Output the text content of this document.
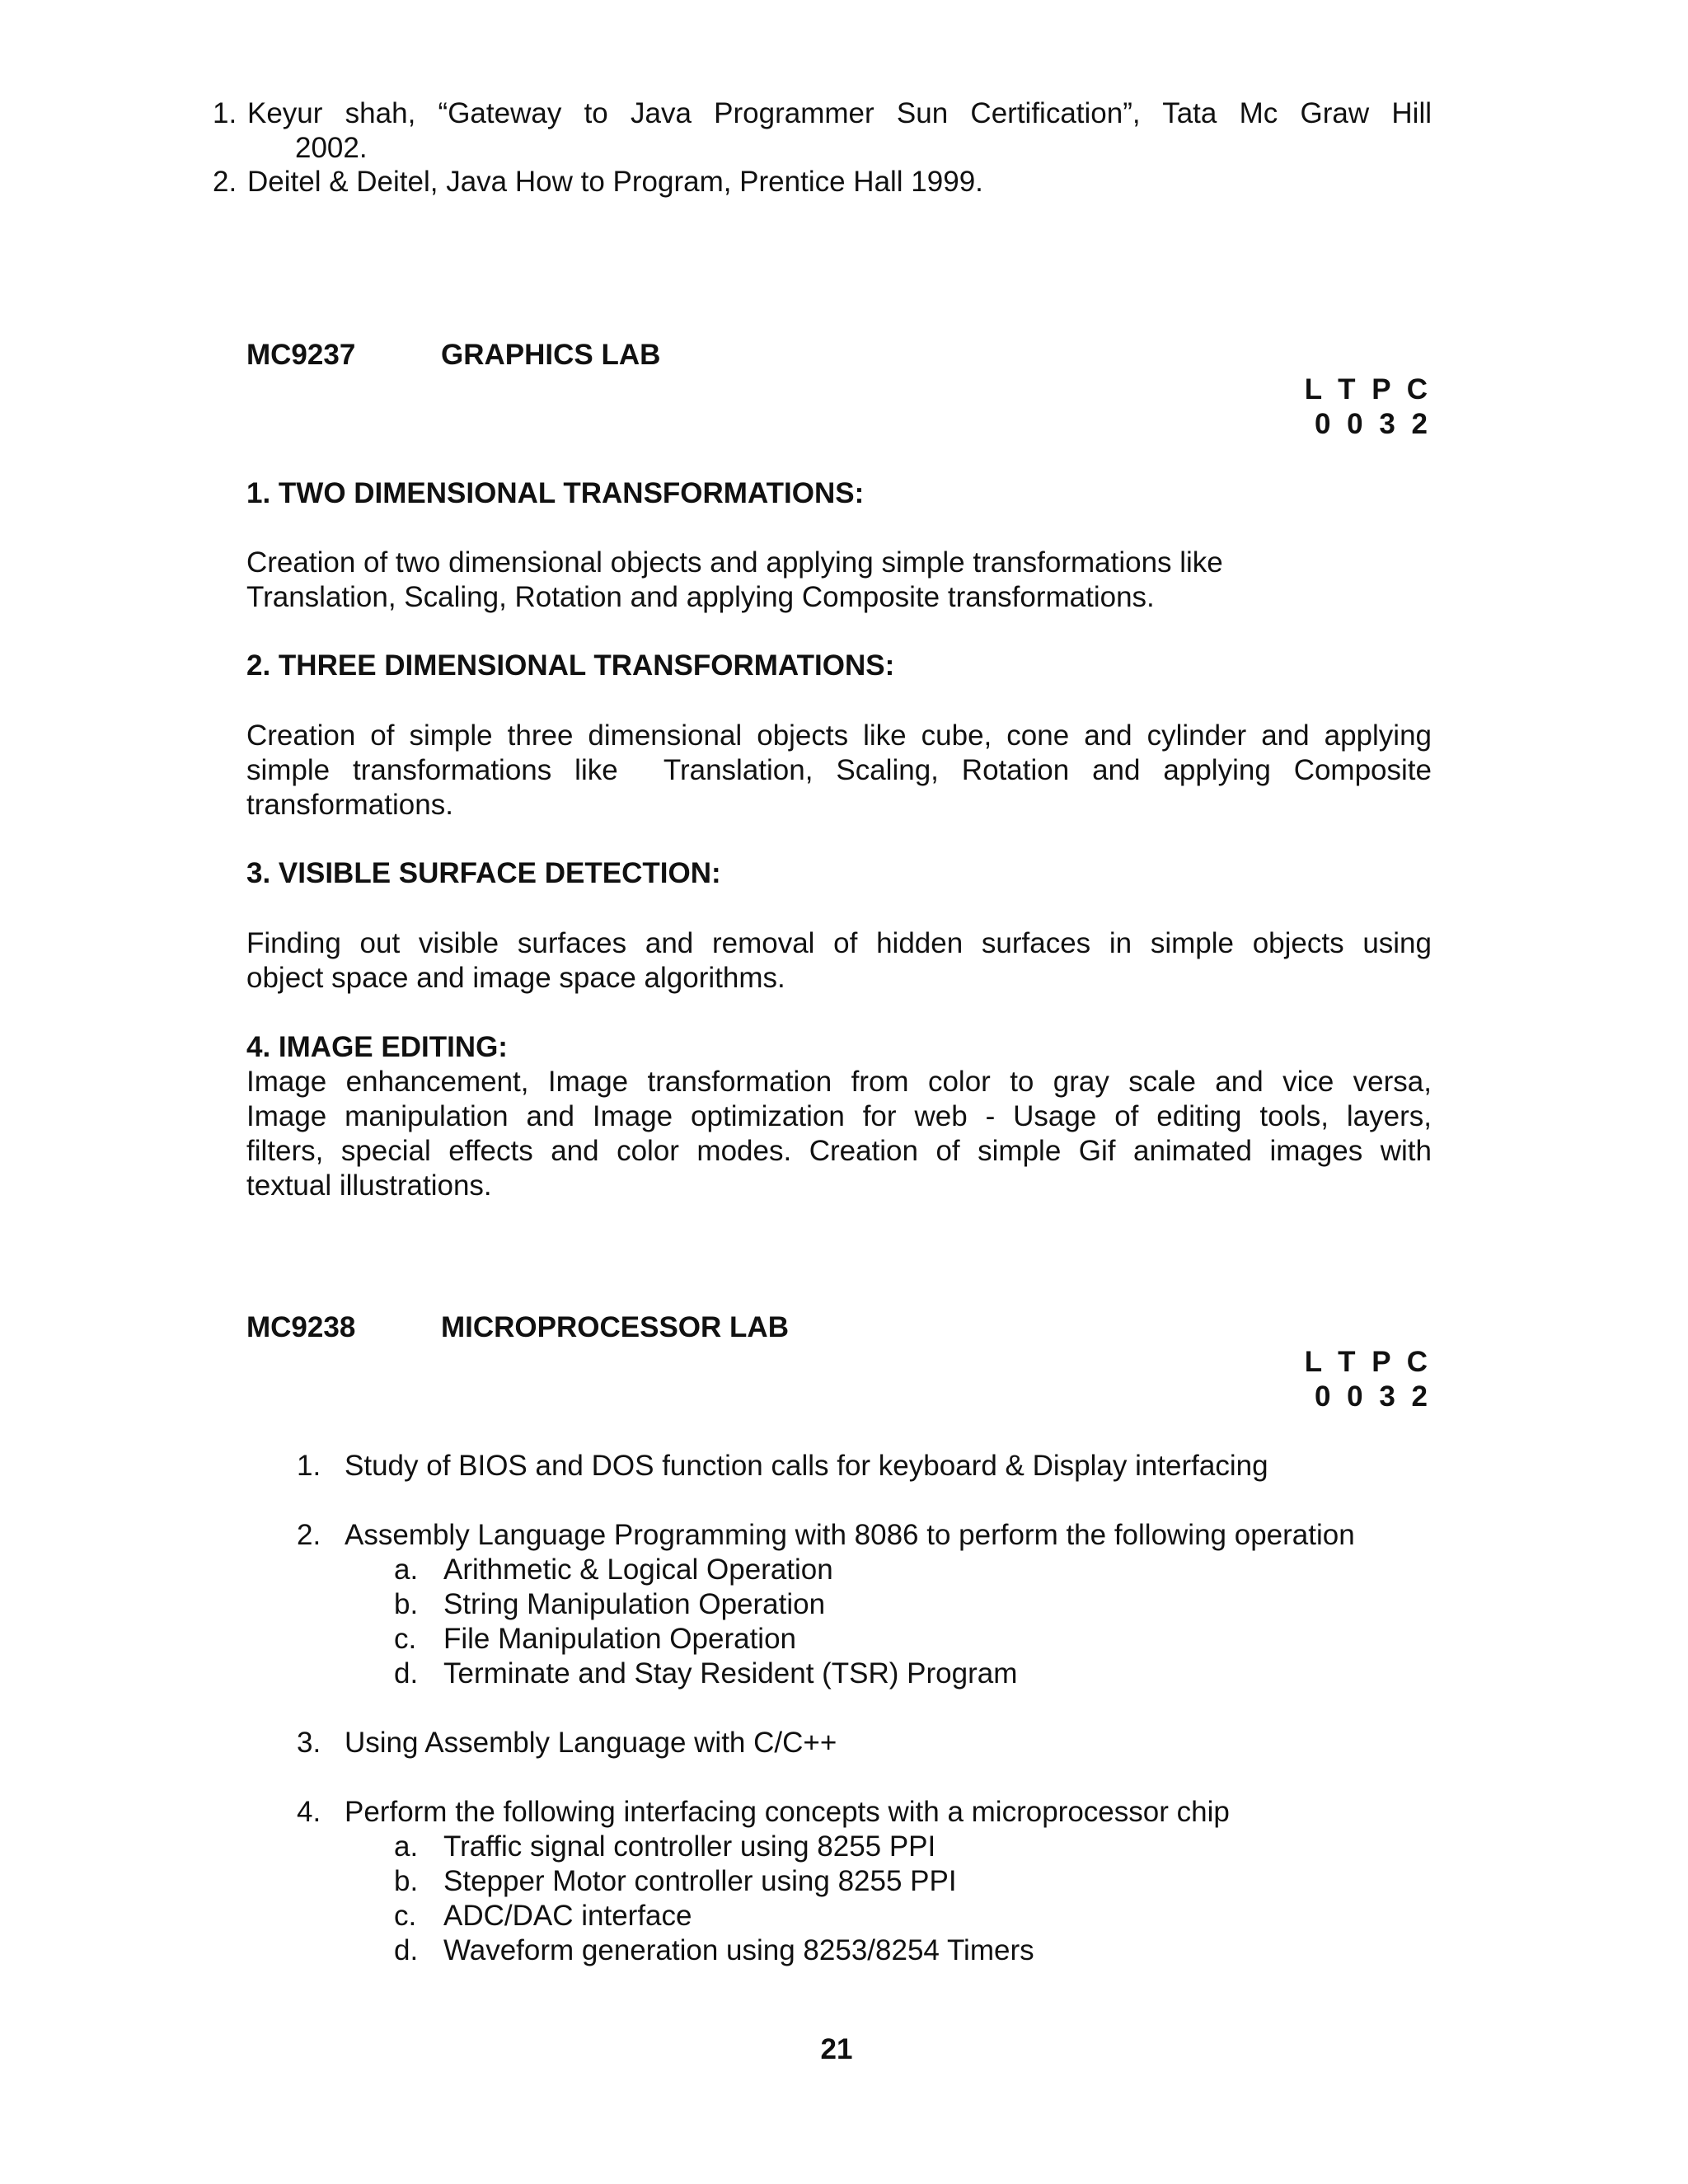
1. Keyur shah, “Gateway to Java Programmer Sun Certification”, Tata Mc Graw Hill
2002.
2. Deitel & Deitel, Java How to Program, Prentice Hall 1999.
MC9237	GRAPHICS LAB
L T P C
0 0 3 2
1. TWO DIMENSIONAL TRANSFORMATIONS:
Creation of two dimensional objects and applying simple transformations like
Translation, Scaling, Rotation and applying Composite transformations.
2. THREE DIMENSIONAL TRANSFORMATIONS:
Creation of simple three dimensional objects like cube, cone and cylinder and applying
simple transformations like  Translation, Scaling, Rotation and applying Composite
transformations.
3. VISIBLE SURFACE DETECTION:
Finding out visible surfaces and removal of hidden surfaces in simple objects using
object space and image space algorithms.
4. IMAGE EDITING:
Image enhancement, Image transformation from color to gray scale and vice versa,
Image manipulation and Image optimization for web - Usage of editing tools, layers,
filters, special effects and color modes. Creation of simple Gif animated images with
textual illustrations.
MC9238	MICROPROCESSOR LAB
L T P C
0 0 3 2
1. Study of BIOS and DOS function calls for keyboard & Display interfacing
2. Assembly Language Programming with 8086 to perform the following operation
a. Arithmetic & Logical Operation
b. String Manipulation Operation
c. File Manipulation Operation
d. Terminate and Stay Resident (TSR) Program
3. Using Assembly Language with C/C++
4. Perform the following interfacing concepts with a microprocessor chip
a. Traffic signal controller using 8255 PPI
b. Stepper Motor controller using 8255 PPI
c. ADC/DAC interface
d. Waveform generation using 8253/8254 Timers
21
